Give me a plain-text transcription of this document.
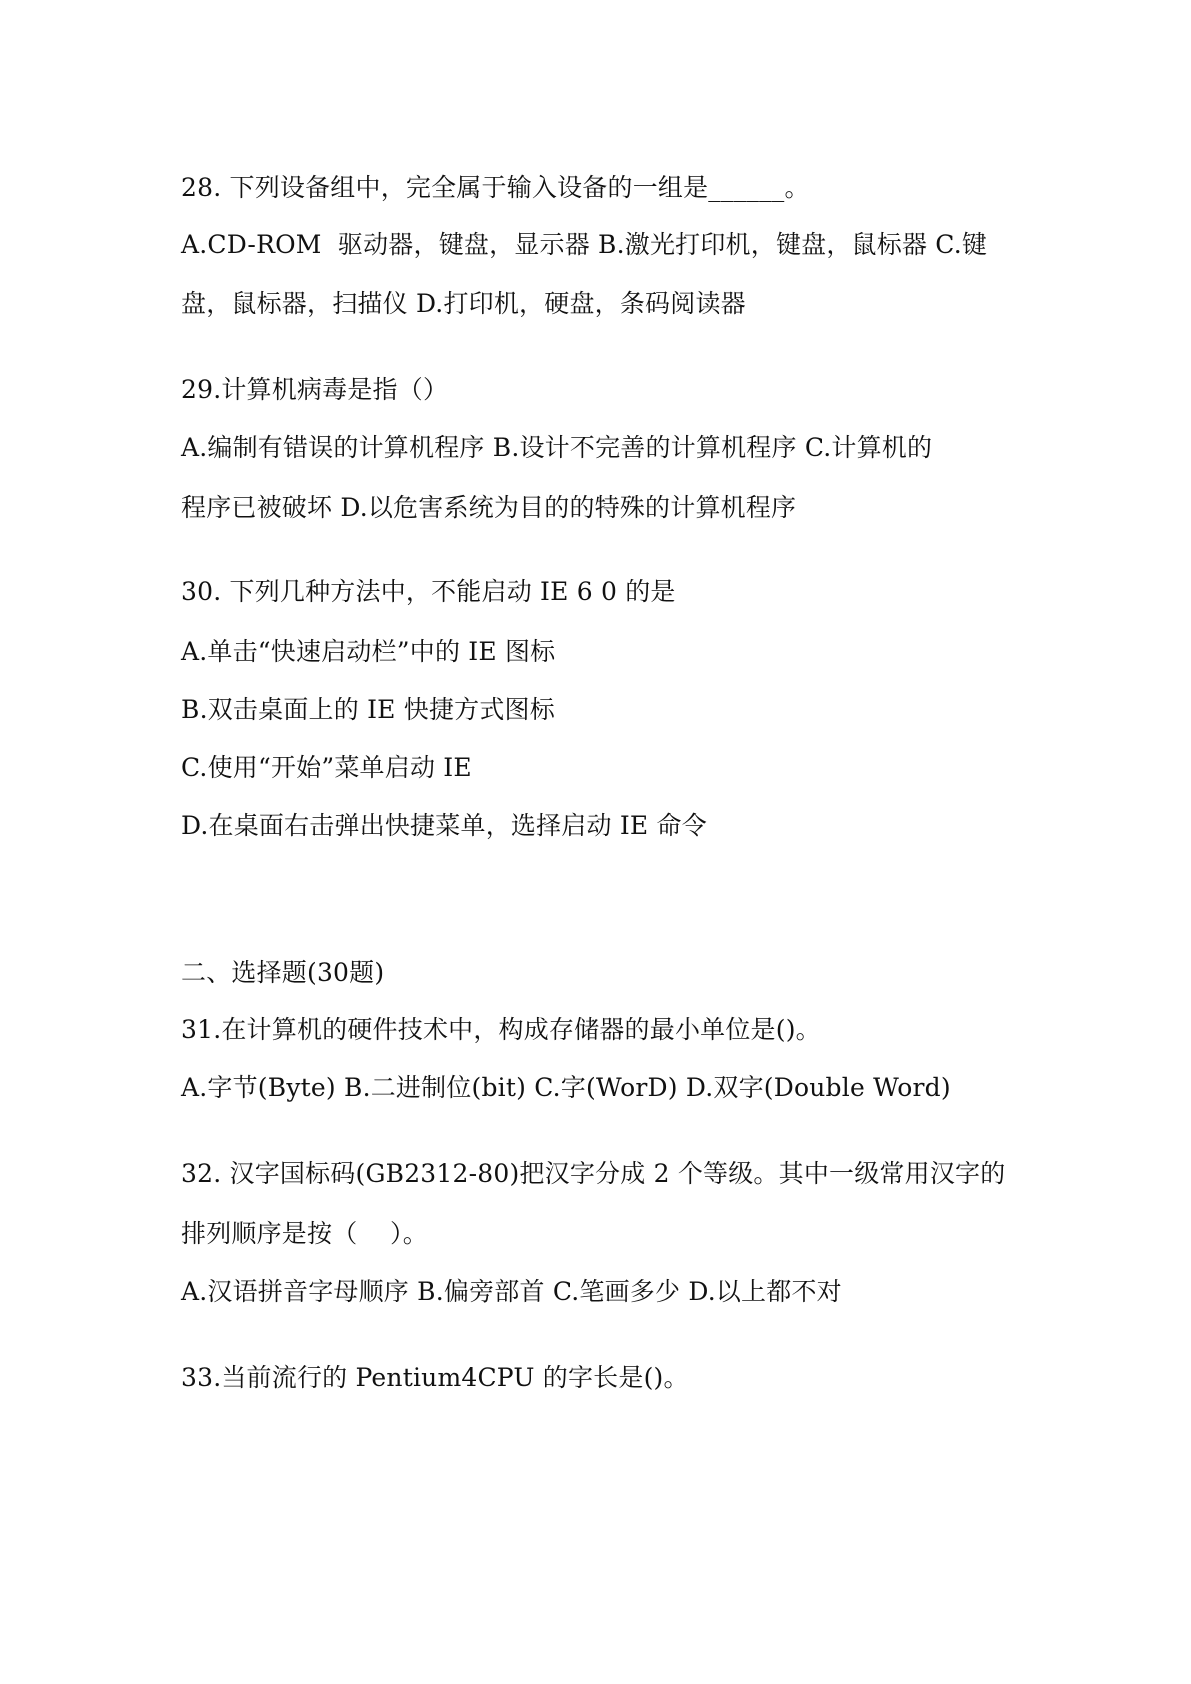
28. 下列设备组中，完全属于输入设备的一组是______。
A.CD-ROM  驱动器，键盘，显示器 B.激光打印机，键盘，鼠标器 C.键
盘，鼠标器，扫描仪 D.打印机，硬盘，条码阅读器
29.计算机病毒是指（）
A.编制有错误的计算机程序 B.设计不完善的计算机程序 C.计算机的
程序已被破坏 D.以危害系统为目的的特殊的计算机程序
30. 下列几种方法中，不能启动 IE 6 0 的是
A.单击“快速启动栏”中的 IE 图标
B.双击桌面上的 IE 快捷方式图标
C.使用“开始”菜单启动 IE
D.在桌面右击弹出快捷菜单，选择启动 IE 命令
二、选择题(30题)
31.在计算机的硬件技术中，构成存储器的最小单位是()。
A.字节(Byte) B.二进制位(bit) C.字(WorD) D.双字(Double Word)
32. 汉字国标码(GB2312-80)把汉字分成 2 个等级。其中一级常用汉字的
排列顺序是按（    ）。
A.汉语拼音字母顺序 B.偏旁部首 C.笔画多少 D.以上都不对
33.当前流行的 Pentium4CPU 的字长是()。
